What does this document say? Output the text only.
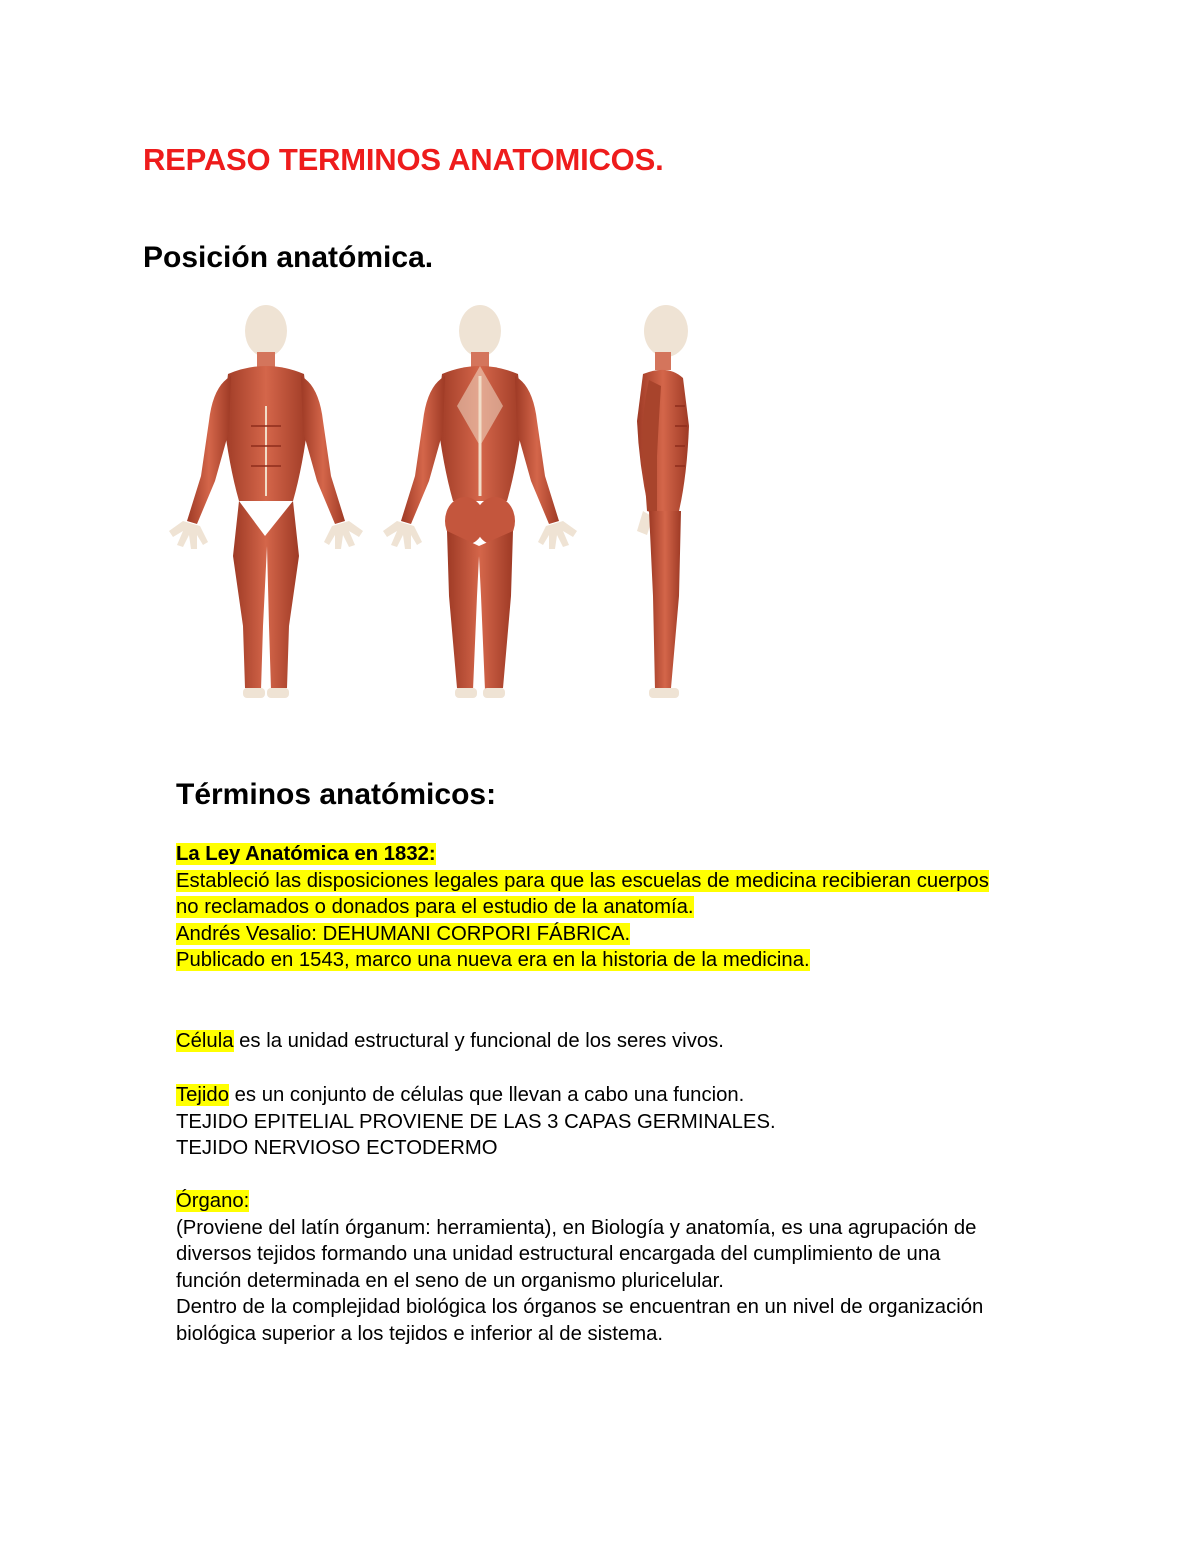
REPASO TERMINOS ANATOMICOS.
Posición anatómica.
Términos anatómicos:
La Ley Anatómica en 1832:
Estableció las disposiciones legales para que las escuelas de medicina recibieran cuerpos
no reclamados o donados para el estudio de la anatomía.
Andrés Vesalio: DEHUMANI CORPORI FÁBRICA.
Publicado en 1543, marco una nueva era en la historia de la medicina.
Célula es la unidad estructural y funcional de los seres vivos.
Tejido es un conjunto de células que llevan a cabo una funcion.
TEJIDO EPITELIAL PROVIENE DE LAS 3 CAPAS GERMINALES.
TEJIDO NERVIOSO ECTODERMO
Órgano:
(Proviene del latín órganum: herramienta), en Biología y anatomía, es una agrupación de
diversos tejidos formando una unidad estructural encargada del cumplimiento de una
función determinada en el seno de un organismo pluricelular.
Dentro de la complejidad biológica los órganos se encuentran en un nivel de organización
biológica superior a los tejidos e inferior al de sistema.
